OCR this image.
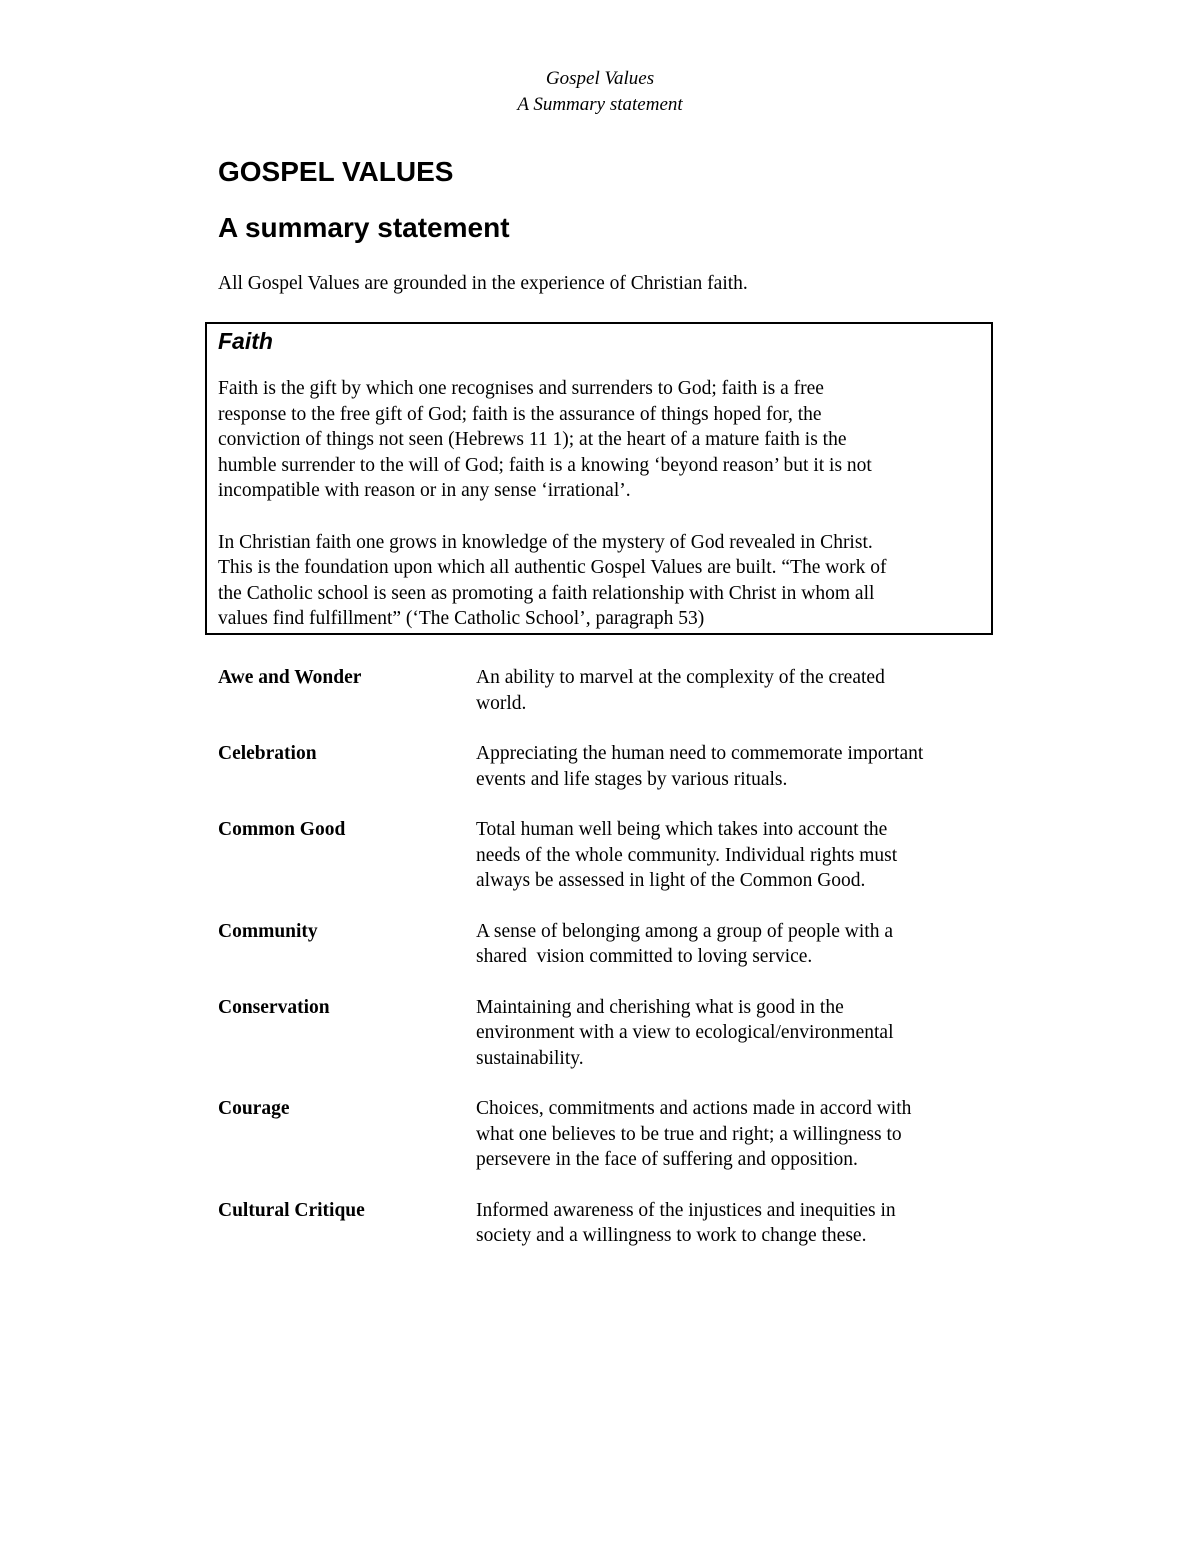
Gospel Values
A Summary statement
GOSPEL VALUES
A summary statement

All Gospel Values are grounded in the experience of Christian faith.

Faith

Faith is the gift by which one recognises and surrenders to God; faith is a free
response to the free gift of God; faith is the assurance of things hoped for, the
conviction of things not seen (Hebrews 11 1); at the heart of a mature faith is the
humble surrender to the will of God; faith is a knowing ‘beyond reason’ but it is not
incompatible with reason or in any sense ‘irrational’.

In Christian faith one grows in knowledge of the mystery of God revealed in Christ.
This is the foundation upon which all authentic Gospel Values are built. “The work of
the Catholic school is seen as promoting a faith relationship with Christ in whom all
values find fulfillment” (‘The Catholic School’, paragraph 53)

Awe and Wonder	An ability to marvel at the complexity of the created
world.
Celebration	Appreciating the human need to commemorate important
events and life stages by various rituals.
Common Good	Total human well being which takes into account the
needs of the whole community. Individual rights must
always be assessed in light of the Common Good.
Community	A sense of belonging among a group of people with a
shared  vision committed to loving service.
Conservation	Maintaining and cherishing what is good in the
environment with a view to ecological/environmental
sustainability.
Courage	Choices, commitments and actions made in accord with
what one believes to be true and right; a willingness to
persevere in the face of suffering and opposition.
Cultural Critique	Informed awareness of the injustices and inequities in
society and a willingness to work to change these.
